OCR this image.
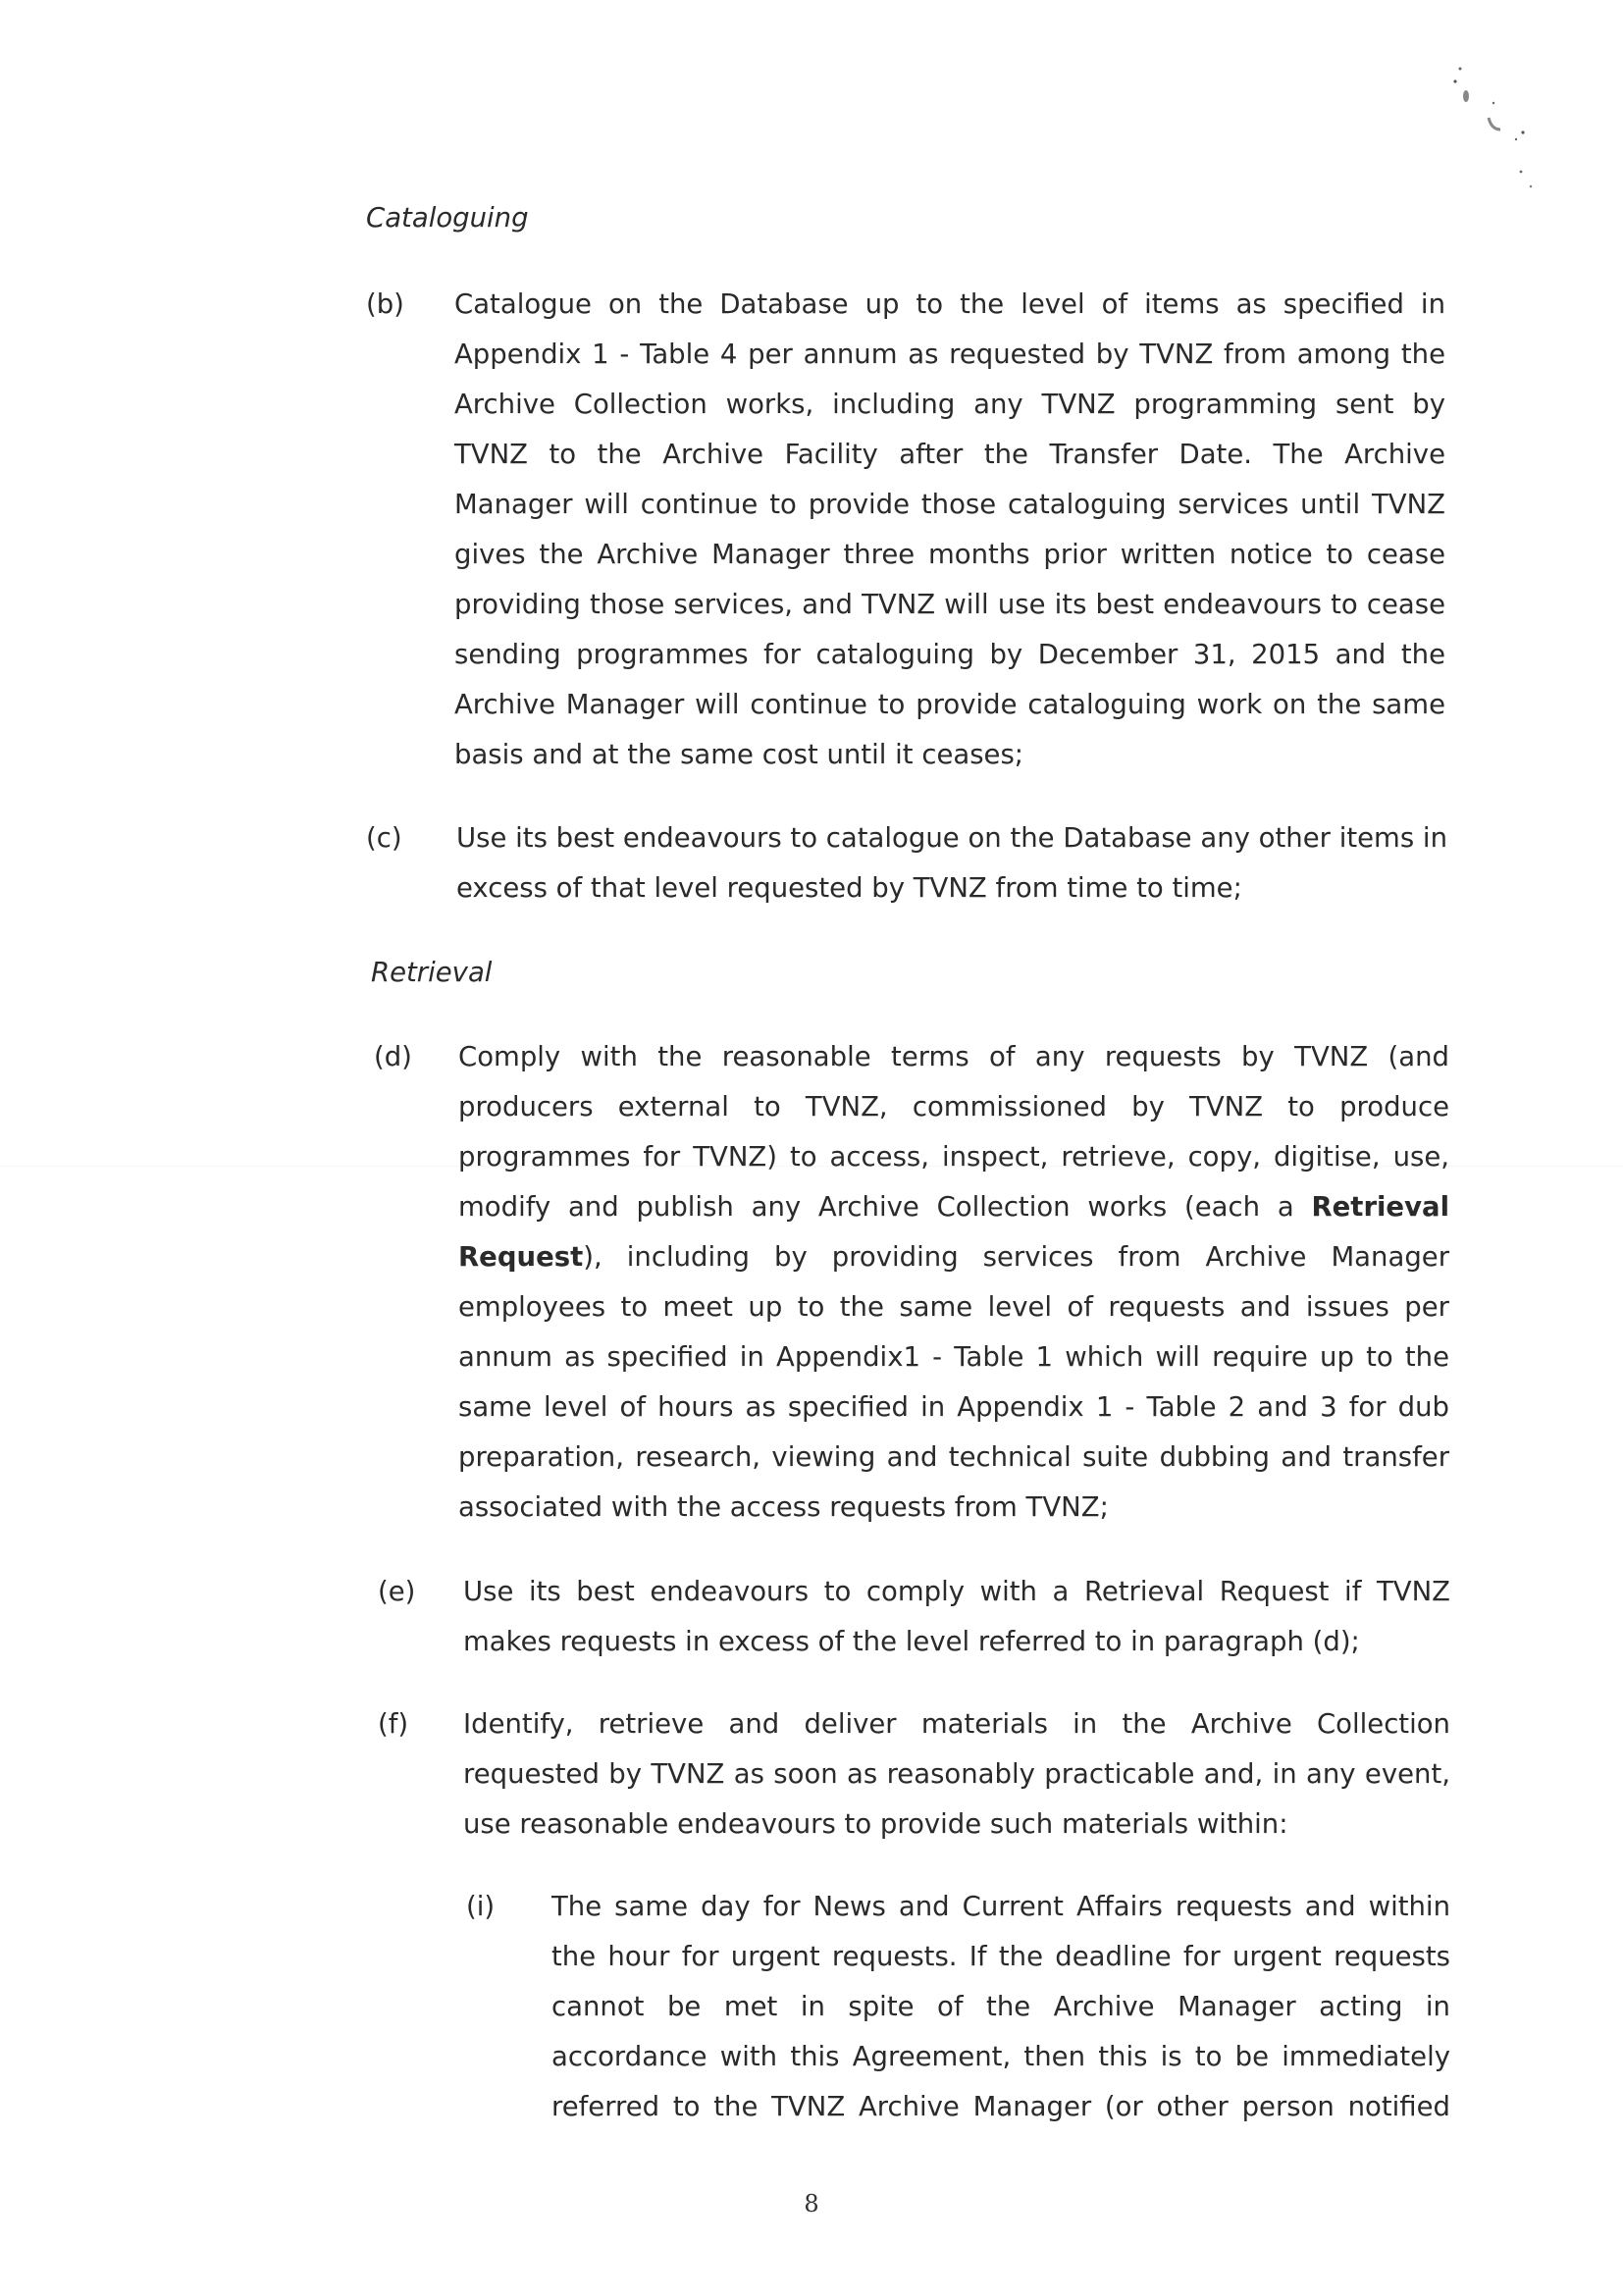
Cataloguing
(b) Catalogue on the Database up to the level of items as specified in Appendix 1 - Table 4 per annum as requested by TVNZ from among the Archive Collection works, including any TVNZ programming sent by TVNZ to the Archive Facility after the Transfer Date. The Archive Manager will continue to provide those cataloguing services until TVNZ gives the Archive Manager three months prior written notice to cease providing those services, and TVNZ will use its best endeavours to cease sending programmes for cataloguing by December 31, 2015 and the Archive Manager will continue to provide cataloguing work on the same basis and at the same cost until it ceases;
(c) Use its best endeavours to catalogue on the Database any other items in excess of that level requested by TVNZ from time to time;
Retrieval
(d) Comply with the reasonable terms of any requests by TVNZ (and producers external to TVNZ, commissioned by TVNZ to produce programmes for TVNZ) to access, inspect, retrieve, copy, digitise, use, modify and publish any Archive Collection works (each a Retrieval Request), including by providing services from Archive Manager employees to meet up to the same level of requests and issues per annum as specified in Appendix1 - Table 1 which will require up to the same level of hours as specified in Appendix 1 - Table 2 and 3 for dub preparation, research, viewing and technical suite dubbing and transfer associated with the access requests from TVNZ;
(e) Use its best endeavours to comply with a Retrieval Request if TVNZ makes requests in excess of the level referred to in paragraph (d);
(f) Identify, retrieve and deliver materials in the Archive Collection requested by TVNZ as soon as reasonably practicable and, in any event, use reasonable endeavours to provide such materials within:
(i) The same day for News and Current Affairs requests and within the hour for urgent requests. If the deadline for urgent requests cannot be met in spite of the Archive Manager acting in accordance with this Agreement, then this is to be immediately referred to the TVNZ Archive Manager (or other person notified
8
